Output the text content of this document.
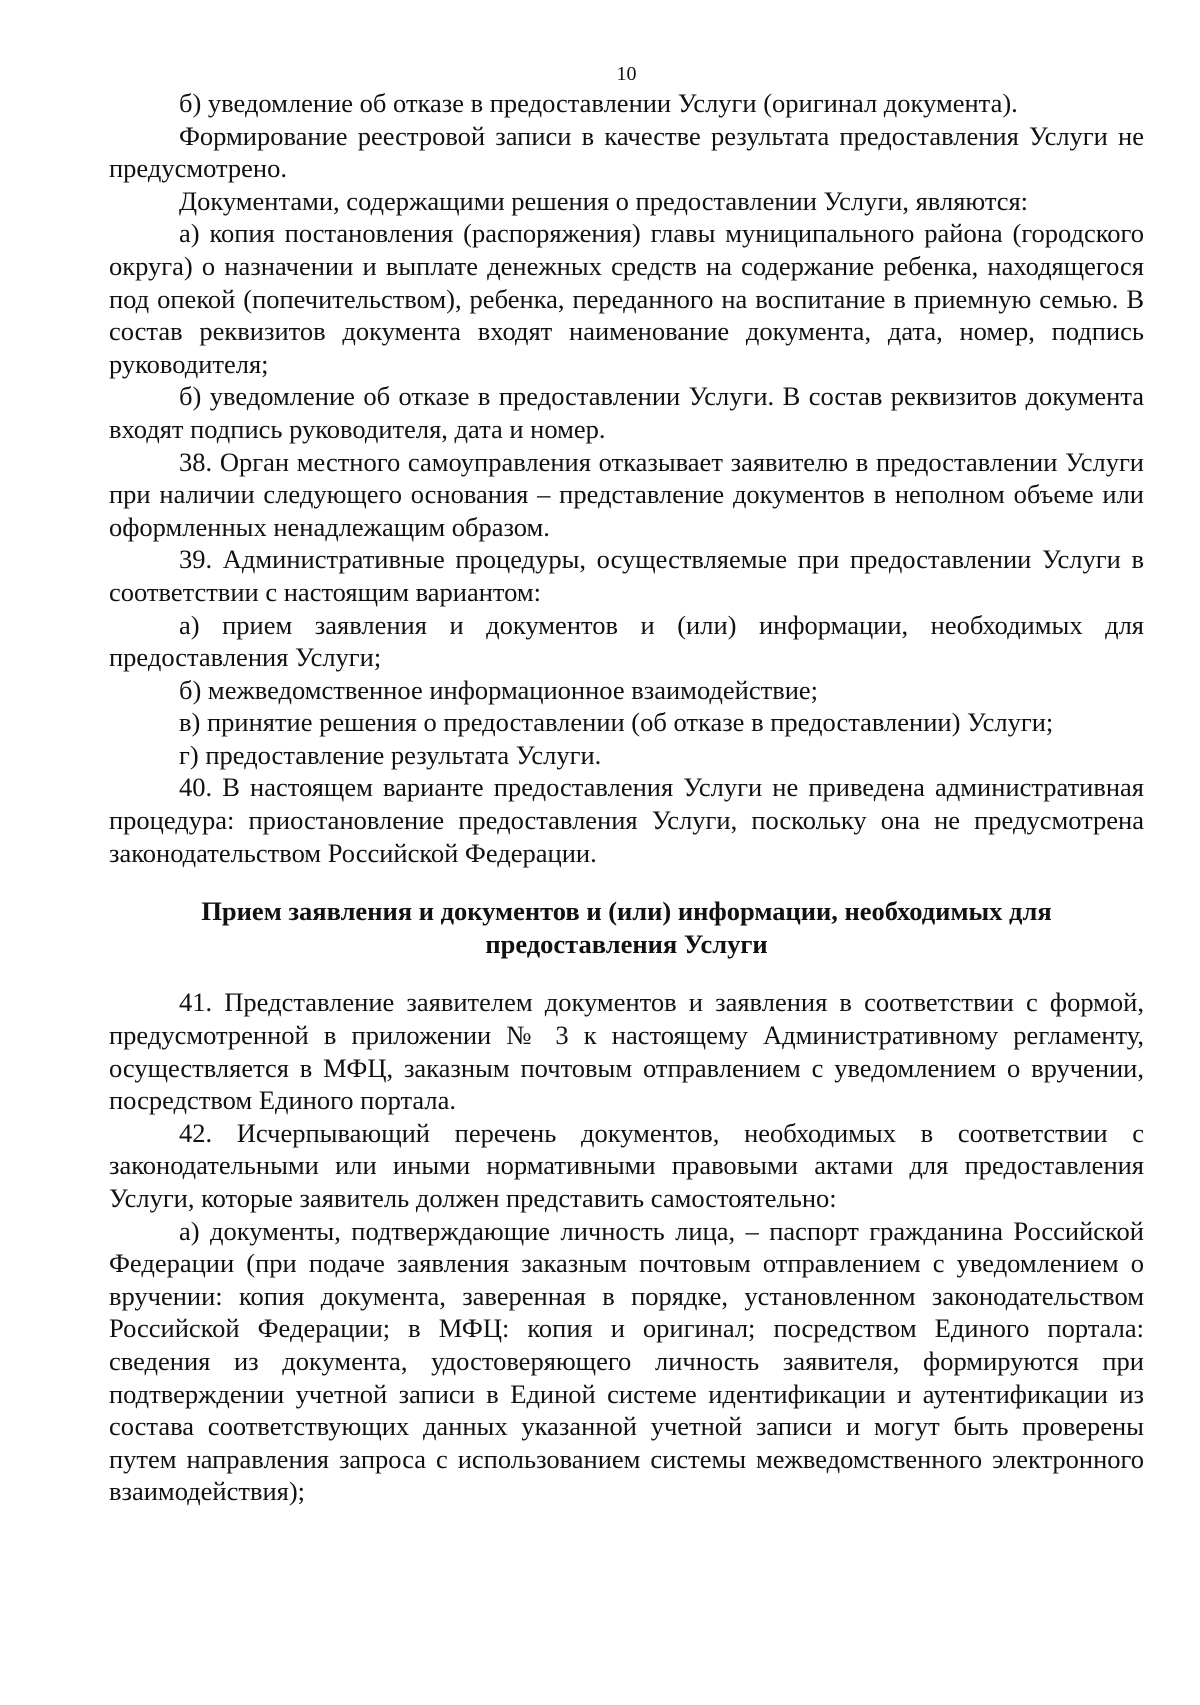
10

б) уведомление об отказе в предоставлении Услуги (оригинал документа).

Формирование реестровой записи в качестве результата предоставления Услуги не предусмотрено.

Документами, содержащими решения о предоставлении Услуги, являются:

а) копия постановления (распоряжения) главы муниципального района (городского округа) о назначении и выплате денежных средств на содержание ребенка, находящегося под опекой (попечительством), ребенка, переданного на воспитание в приемную семью. В состав реквизитов документа входят наименование документа, дата, номер, подпись руководителя;

б) уведомление об отказе в предоставлении Услуги. В состав реквизитов документа входят подпись руководителя, дата и номер.

38. Орган местного самоуправления отказывает заявителю в предоставлении Услуги при наличии следующего основания – представление документов в неполном объеме или оформленных ненадлежащим образом.

39. Административные процедуры, осуществляемые при предоставлении Услуги в соответствии с настоящим вариантом:

а) прием заявления и документов и (или) информации, необходимых для предоставления Услуги;

б) межведомственное информационное взаимодействие;

в) принятие решения о предоставлении (об отказе в предоставлении) Услуги;

г) предоставление результата Услуги.

40. В настоящем варианте предоставления Услуги не приведена административная процедура: приостановление предоставления Услуги, поскольку она не предусмотрена законодательством Российской Федерации.

Прием заявления и документов и (или) информации, необходимых для предоставления Услуги

41. Представление заявителем документов и заявления в соответствии с формой, предусмотренной в приложении № 3 к настоящему Административному регламенту, осуществляется в МФЦ, заказным почтовым отправлением с уведомлением о вручении, посредством Единого портала.

42. Исчерпывающий перечень документов, необходимых в соответствии с законодательными или иными нормативными правовыми актами для предоставления Услуги, которые заявитель должен представить самостоятельно:

а) документы, подтверждающие личность лица, – паспорт гражданина Российской Федерации (при подаче заявления заказным почтовым отправлением с уведомлением о вручении: копия документа, заверенная в порядке, установленном законодательством Российской Федерации; в МФЦ: копия и оригинал; посредством Единого портала: сведения из документа, удостоверяющего личность заявителя, формируются при подтверждении учетной записи в Единой системе идентификации и аутентификации из состава соответствующих данных указанной учетной записи и могут быть проверены путем направления запроса с использованием системы межведомственного электронного взаимодействия);
